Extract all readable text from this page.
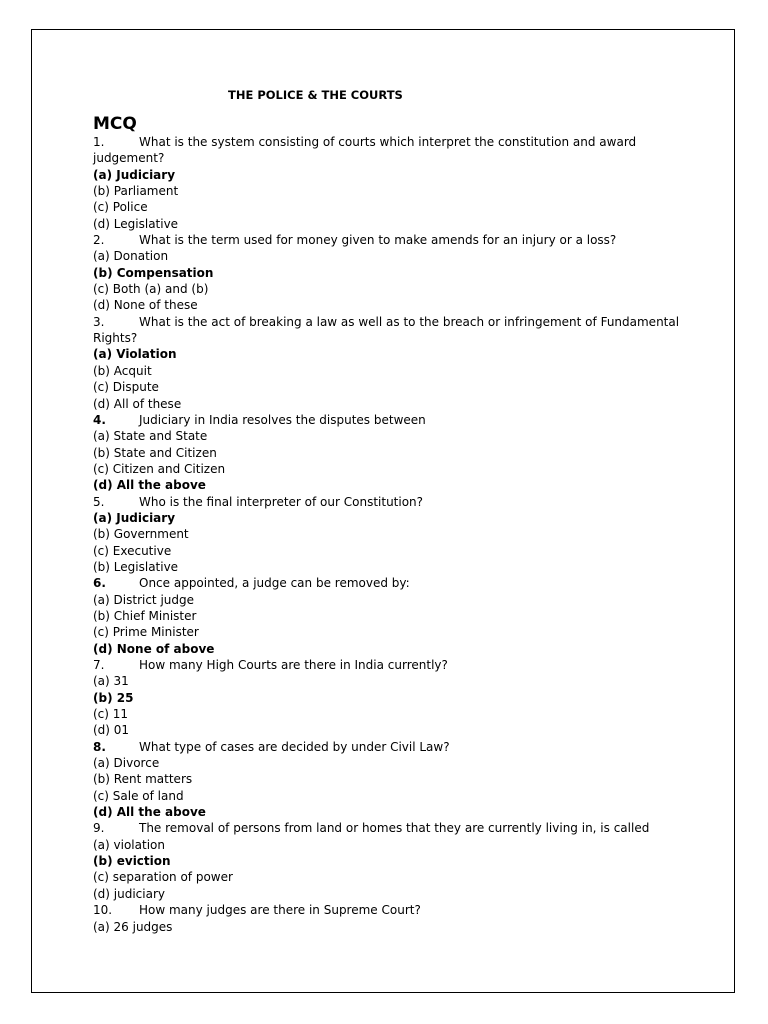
THE POLICE & THE COURTS
MCQ
1.	What is the system consisting of courts which interpret the constitution and award judgement?
(a) Judiciary
(b) Parliament
(c) Police
(d) Legislative
2.	What is the term used for money given to make amends for an injury or a loss?
(a) Donation
(b) Compensation
(c) Both (a) and (b)
(d) None of these
3.	What is the act of breaking a law as well as to the breach or infringement of Fundamental Rights?
(a) Violation
(b) Acquit
(c) Dispute
(d) All of these
4.	Judiciary in India resolves the disputes between
(a) State and State
(b) State and Citizen
(c) Citizen and Citizen
(d) All the above
5.	Who is the final interpreter of our Constitution?
(a) Judiciary
(b) Government
(c) Executive
(b) Legislative
6.	Once appointed, a judge can be removed by:
(a) District judge
(b) Chief Minister
(c) Prime Minister
(d) None of above
7.	How many High Courts are there in India currently?
(a) 31
(b) 25
(c) 11
(d) 01
8.	What type of cases are decided by under Civil Law?
(a) Divorce
(b) Rent matters
(c) Sale of land
(d) All the above
9.	The removal of persons from land or homes that they are currently living in, is called
(a) violation
(b) eviction
(c) separation of power
(d) judiciary
10. How many judges are there in Supreme Court?
(a) 26 judges
